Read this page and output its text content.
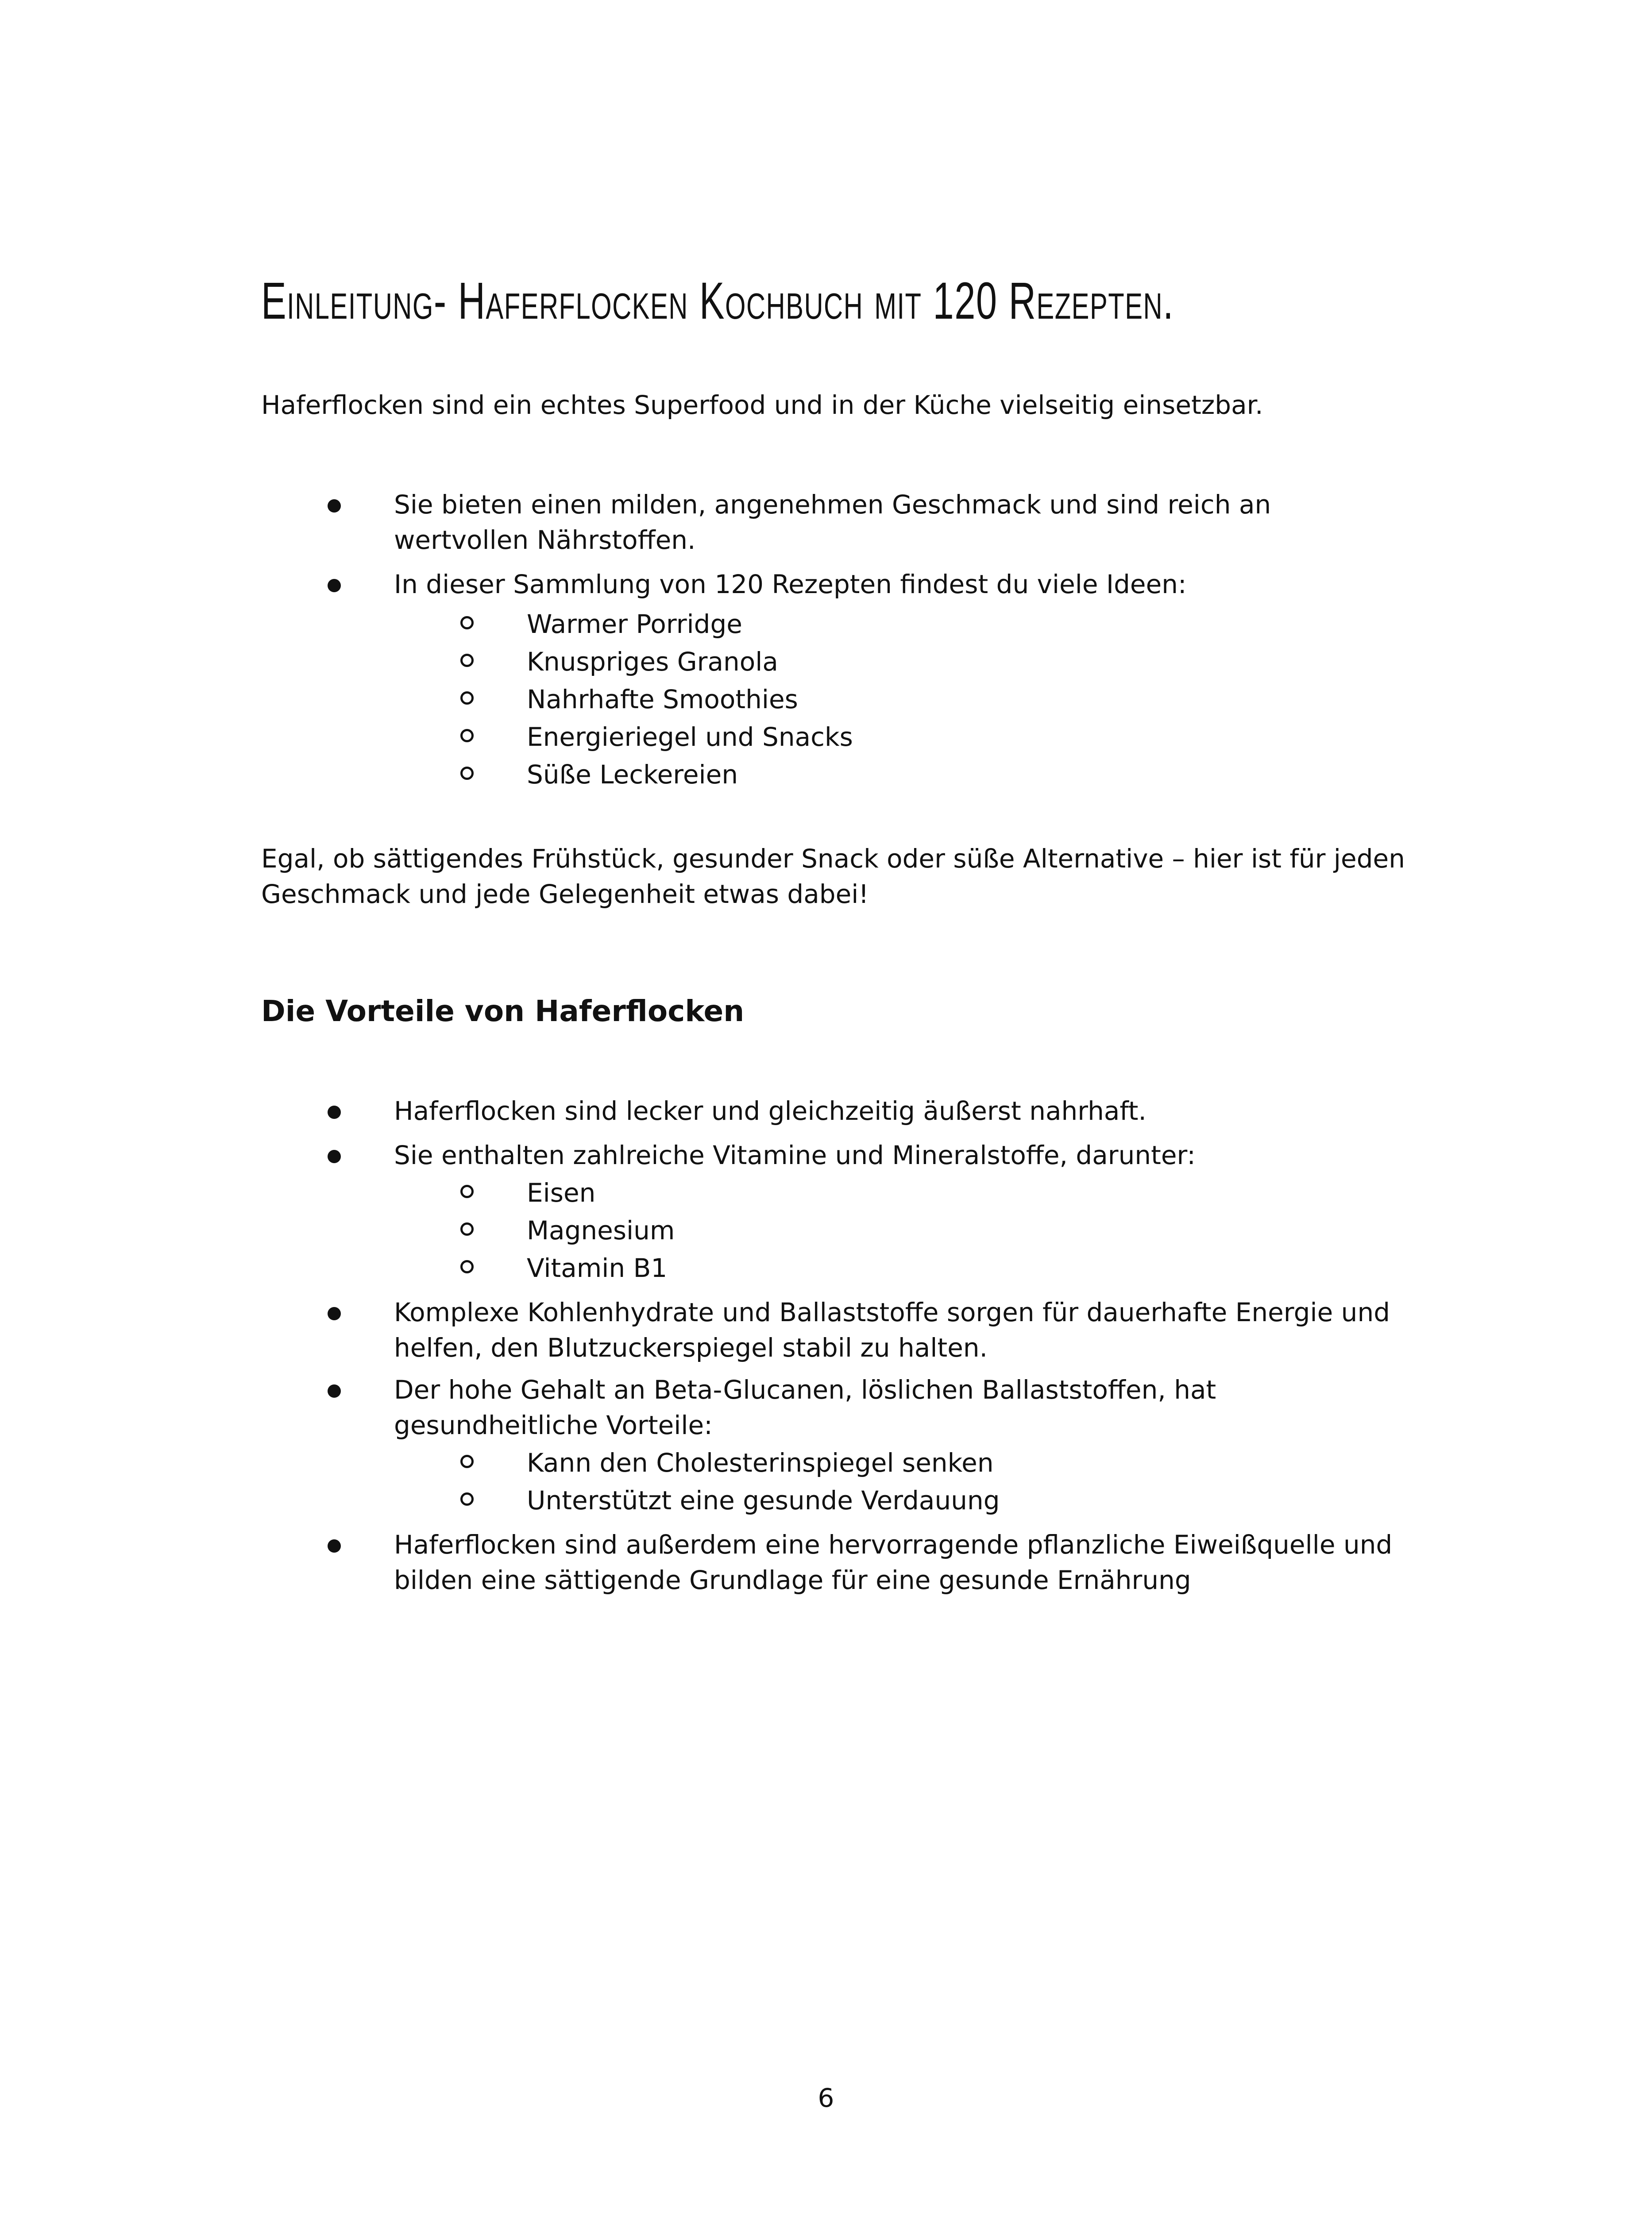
Einleitung- Haferflocken Kochbuch mit 120 Rezepten.

Haferflocken sind ein echtes Superfood und in der Küche vielseitig einsetzbar.

Sie bieten einen milden, angenehmen Geschmack und sind reich an wertvollen Nährstoffen.

In dieser Sammlung von 120 Rezepten findest du viele Ideen:

Warmer Porridge

Knuspriges Granola

Nahrhafte Smoothies

Energieriegel und Snacks

Süße Leckereien

Egal, ob sättigendes Frühstück, gesunder Snack oder süße Alternative – hier ist für jeden Geschmack und jede Gelegenheit etwas dabei!

Die Vorteile von Haferflocken

Haferflocken sind lecker und gleichzeitig äußerst nahrhaft.

Sie enthalten zahlreiche Vitamine und Mineralstoffe, darunter:

Eisen

Magnesium

Vitamin B1

Komplexe Kohlenhydrate und Ballaststoffe sorgen für dauerhafte Energie und helfen, den Blutzuckerspiegel stabil zu halten.

Der hohe Gehalt an Beta-Glucanen, löslichen Ballaststoffen, hat gesundheitliche Vorteile:

Kann den Cholesterinspiegel senken

Unterstützt eine gesunde Verdauung

Haferflocken sind außerdem eine hervorragende pflanzliche Eiweißquelle und bilden eine sättigende Grundlage für eine gesunde Ernährung

6
